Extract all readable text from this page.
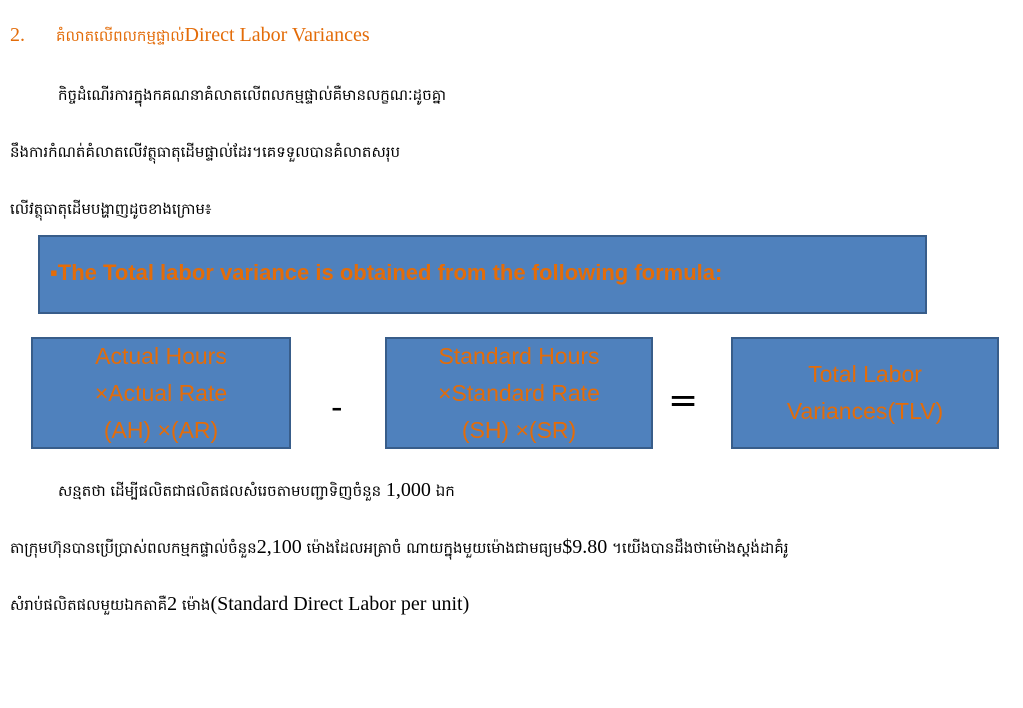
2. គំលាតលើពលកម្មផ្ទាល់Direct Labor Variances
កិច្ចដំណើរការក្នុងកគណនាគំលាតលើពលកម្មផ្ទាល់គឺមានលក្ខណៈដូចគ្នា
នឹងការកំណត់គំលាតលើវត្ថុធាតុដើមផ្ទាល់ដែរ។គេទទួលបានគំលាតសរុប
លើវត្ថុធាតុដើមបង្ហាញដូចខាងក្រោម៖
▪The Total labor variance is obtained from the following formula:
Actual Hours
×Actual Rate
(AH) ×(AR)
-
Standard Hours
×Standard Rate
(SH) ×(SR)
=
Total Labor
Variances(TLV)
សន្មតថា ដើម្បីផលិតជាផលិតផលសំរេចតាមបញ្ជាទិញចំនួន 1,000 ឯក
តាក្រុមហ៊ុនបានប្រើប្រាស់ពលកម្មកផ្ទាល់ចំនួន2,100 ម៉ោងដែលអត្រាចំ ណាយក្នុងមួយម៉ោងជាមធ្យម$9.80 ។យើងបានដឹងថាម៉ោងស្តង់ដាគំរូ
សំរាប់ផលិតផលមួយឯកតាគឺ2 ម៉ោង(Standard Direct Labor per unit)
